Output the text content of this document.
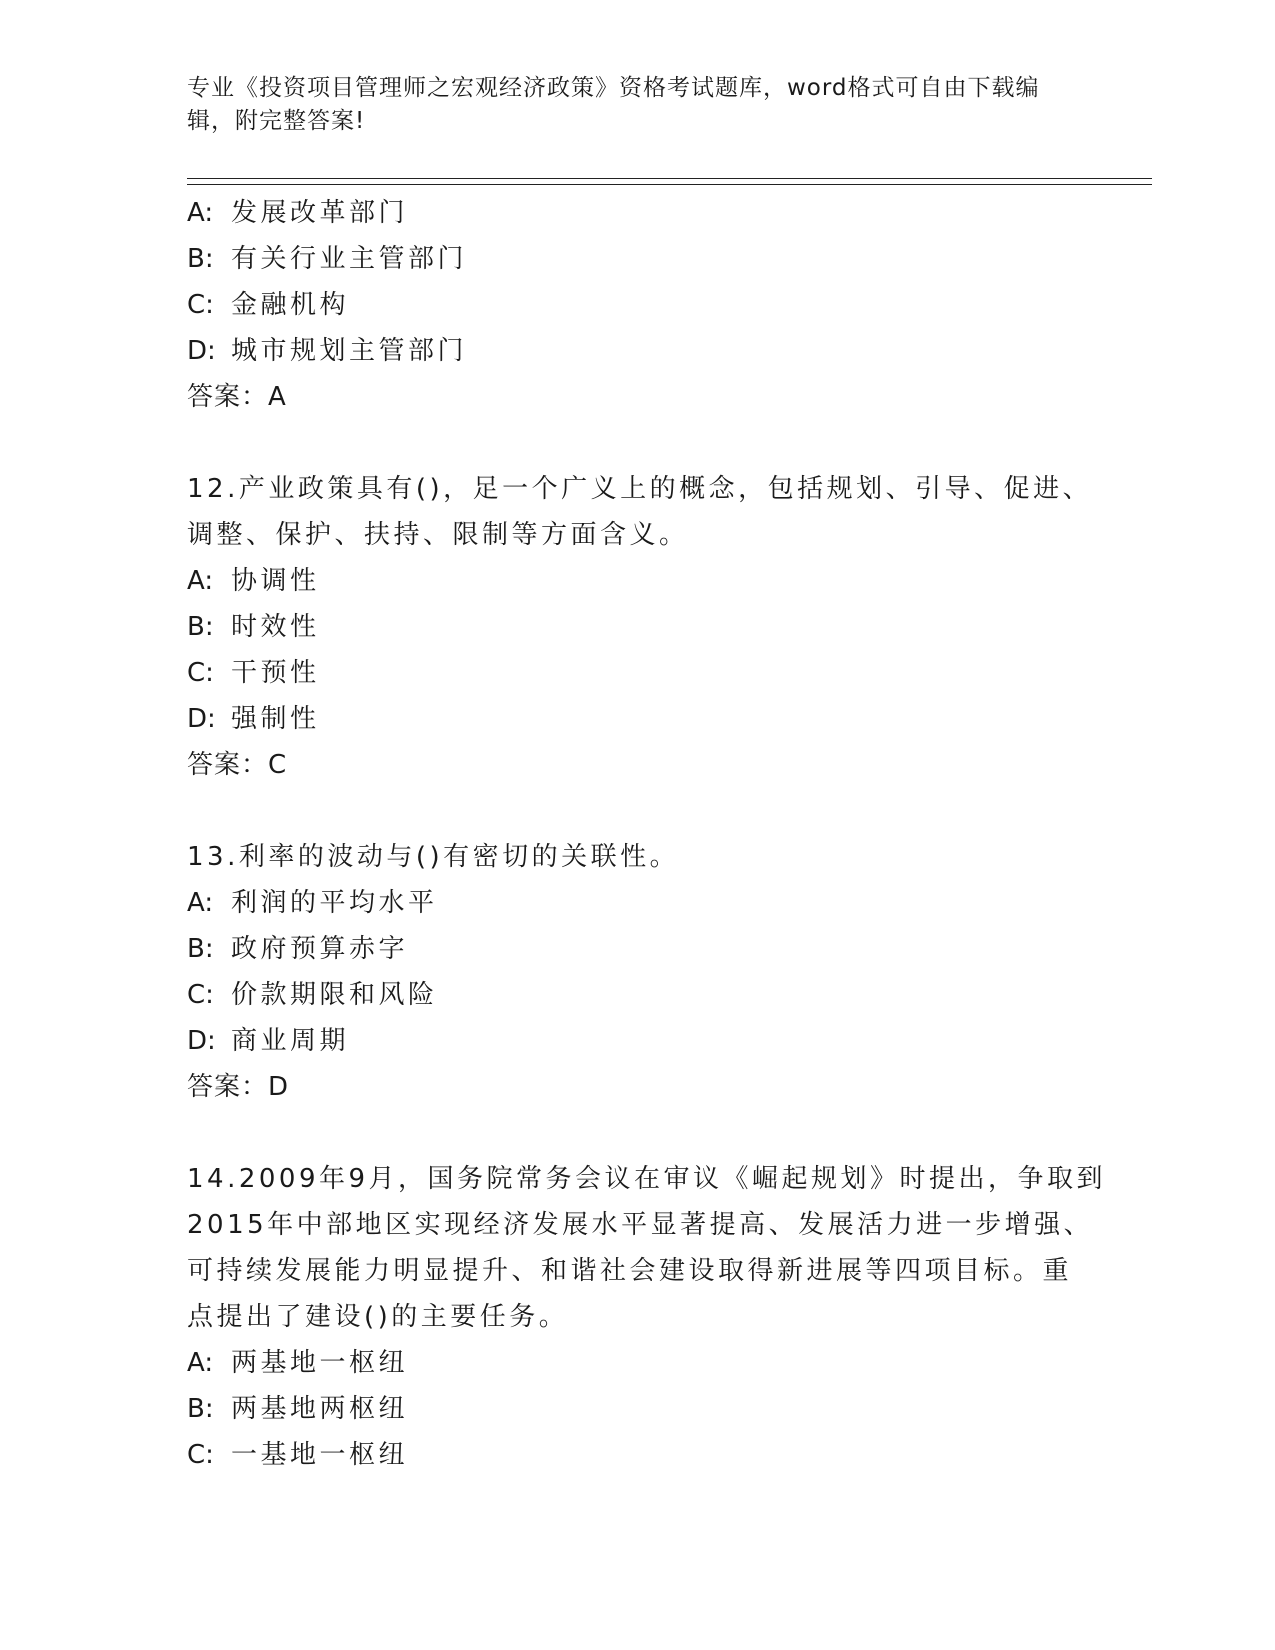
专业《投资项目管理师之宏观经济政策》资格考试题库，word格式可自由下载编
辑，附完整答案!
A: 发展改革部门
B: 有关行业主管部门
C: 金融机构
D: 城市规划主管部门
答案：A
12.产业政策具有()，足一个广义上的概念，包括规划、引导、促进、
调整、保护、扶持、限制等方面含义。
A: 协调性
B: 时效性
C: 干预性
D: 强制性
答案：C
13.利率的波动与()有密切的关联性。
A: 利润的平均水平
B: 政府预算赤字
C: 价款期限和风险
D: 商业周期
答案：D
14.2009年9月，国务院常务会议在审议《崛起规划》时提出，争取到
2015年中部地区实现经济发展水平显著提高、发展活力进一步增强、
可持续发展能力明显提升、和谐社会建设取得新进展等四项目标。重
点提出了建设()的主要任务。
A: 两基地一枢纽
B: 两基地两枢纽
C: 一基地一枢纽
